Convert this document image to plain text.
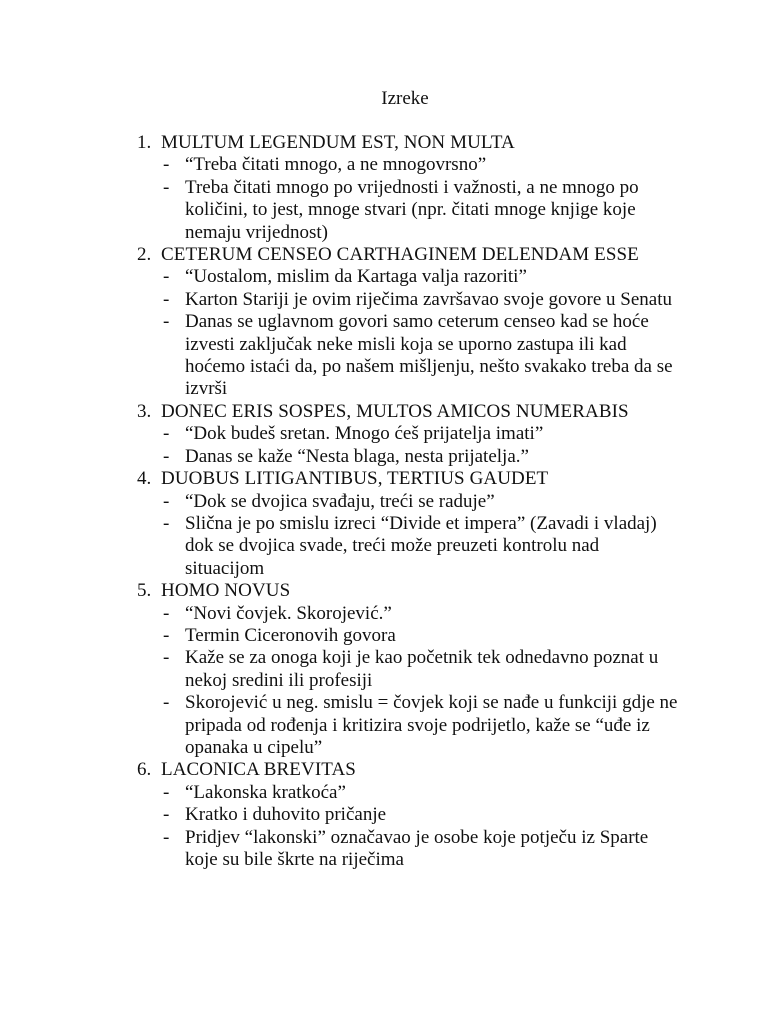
Izreke
1. MULTUM LEGENDUM EST, NON MULTA
- “Treba čitati mnogo, a ne mnogovrsno”
- Treba čitati mnogo po vrijednosti i važnosti, a ne mnogo po količini, to jest, mnoge stvari (npr. čitati mnoge knjige koje nemaju vrijednost)
2. CETERUM CENSEO CARTHAGINEM DELENDAM ESSE
- “Uostalom, mislim da Kartaga valja razoriti”
- Karton Stariji je ovim riječima završavao svoje govore u Senatu
- Danas se uglavnom govori samo ceterum censeo kad se hoće izvesti zaključak neke misli koja se uporno zastupa ili kad hoćemo istaći da, po našem mišljenju, nešto svakako treba da se izvrši
3. DONEC ERIS SOSPES, MULTOS AMICOS NUMERABIS
- “Dok budeš sretan. Mnogo ćeš prijatelja imati”
- Danas se kaže “Nesta blaga, nesta prijatelja.”
4. DUOBUS LITIGANTIBUS, TERTIUS GAUDET
- “Dok se dvojica svađaju, treći se raduje”
- Slična je po smislu izreci “Divide et impera” (Zavadi i vladaj) dok se dvojica svade, treći može preuzeti kontrolu nad situacijom
5. HOMO NOVUS
- “Novi čovjek. Skorojević.”
- Termin Ciceronovih govora
- Kaže se za onoga koji je kao početnik tek odnedavno poznat u nekoj sredini ili profesiji
- Skorojević u neg. smislu = čovjek koji se nađe u funkciji gdje ne pripada od rođenja i kritizira svoje podrijetlo, kaže se “uđe iz opanaka u cipelu”
6. LACONICA BREVITAS
- “Lakonska kratkoća”
- Kratko i duhovito pričanje
- Pridjev “lakonski” označavao je osobe koje potječu iz Sparte koje su bile škrte na riječima
